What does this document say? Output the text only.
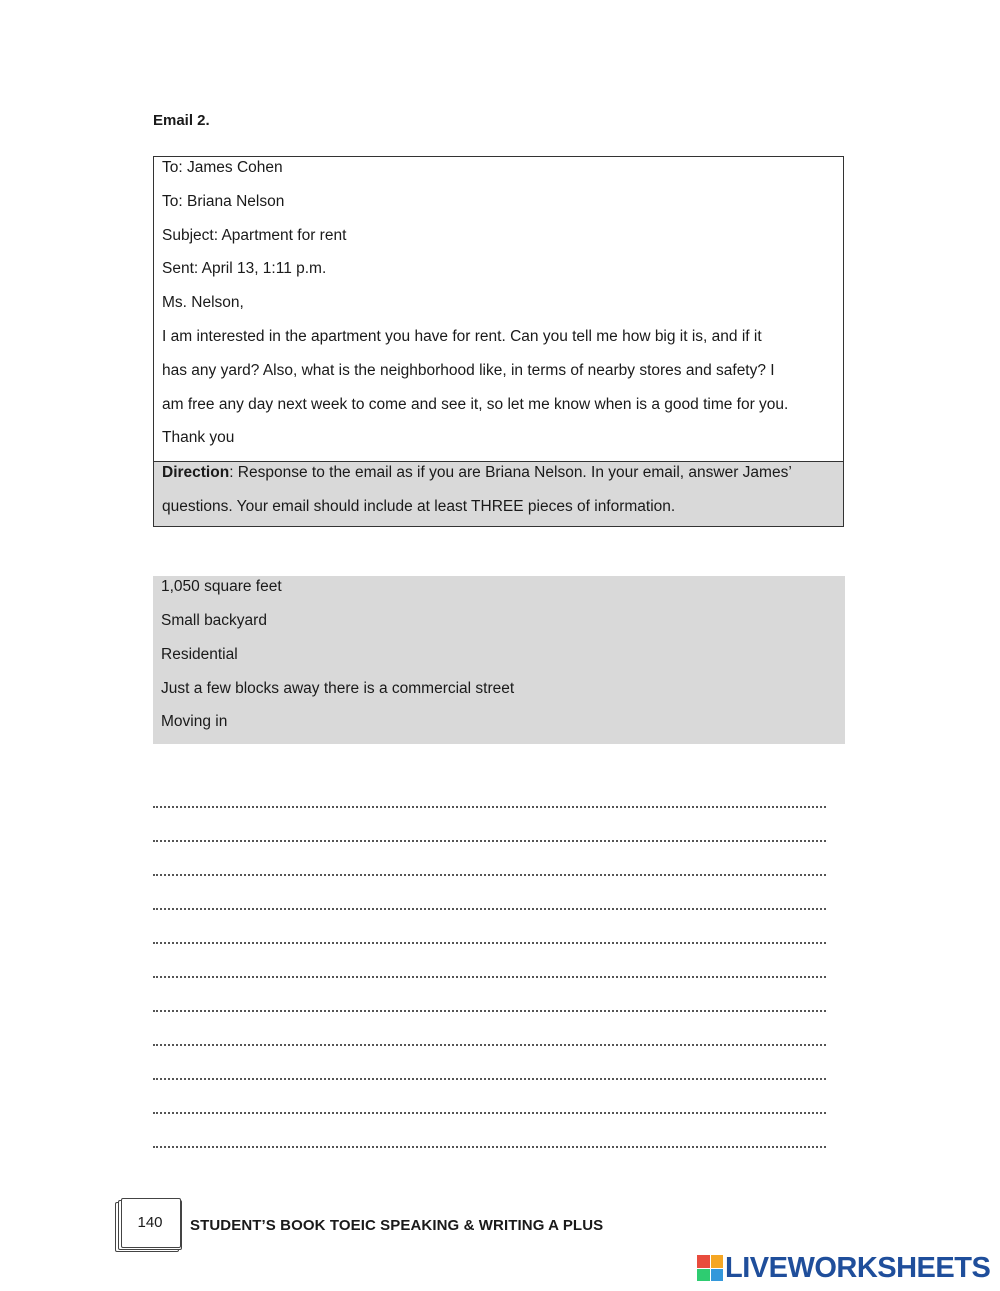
Email 2.
To: James Cohen
To: Briana Nelson
Subject: Apartment for rent
Sent: April 13, 1:11 p.m.
Ms. Nelson,
I am interested in the apartment you have for rent. Can you tell me how big it is, and if it
has any yard? Also, what is the neighborhood like, in terms of nearby stores and safety? I
am free any day next week to come and see it, so let me know when is a good time for you.
Thank you
Direction: Response to the email as if you are Briana Nelson. In your email, answer James’
questions. Your email should include at least THREE pieces of information.
1,050 square feet
Small backyard
Residential
Just a few blocks away there is a commercial street
Moving in
140	STUDENT’S BOOK TOEIC SPEAKING & WRITING A PLUS
LIVEWORKSHEETS
